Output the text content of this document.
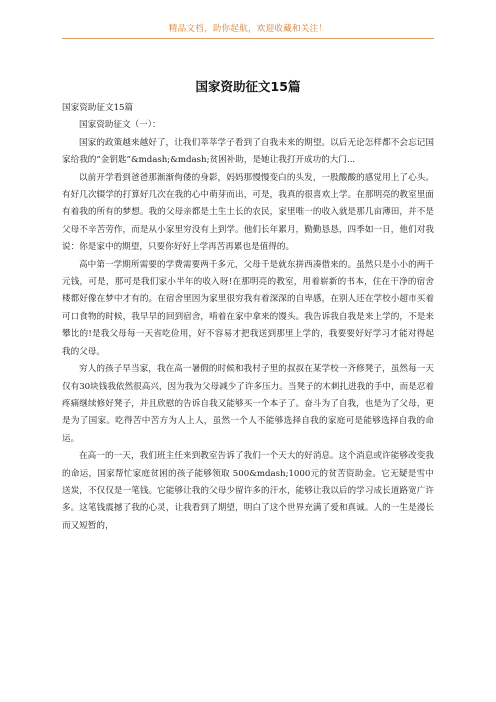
精品文档，助你起航，欢迎收藏和关注！
国家资助征文15篇

国家资助征文15篇

国家资助征文（一）：

国家的政策越来越好了，让我们莘莘学子看到了自我未来的期望。以后无论怎样都不会忘记国家给我的”金钥匙”&mdash;&mdash;贫困补助，是她让我打开成功的大门...

以前开学看到爸爸那渐渐佝偻的身影，妈妈那慢慢变白的头发，一股酸酸的感觉用上了心头。有好几次辍学的打算好几次在我的心中萌芽而出，可是，我真的很喜欢上学。在那明亮的教室里面有着我的所有的梦想。我的父母亲都是土生土长的农民，家里唯一的收入就是那几亩薄田，并不是父母不辛苦劳作，而是从小家里穷没有上到学。他们长年累月，勤勤恳恳，四季如一日，他们对我说：你是家中的期望，只要你好好上学再苦再累也是值得的。

高中第一学期所需要的学费需要两千多元，父母千是就东拼西凑借来的。虽然只是小小的两千元钱，可是，那可是我们家小半年的收入呀!在那明亮的教室，用着崭新的书本，住在干净的宿舍楼都好像在梦中才有的。在宿舍里因为家里很穷我有着深深的自卑感，在别人还在学校小超市买着可口食物的时候，我早早的回到宿舍，啃着在家中拿来的馒头。我告诉我自我是来上学的，不是来攀比的!是我父母每一天省吃俭用，好不容易才把我送到那里上学的，我要要好好学习才能对得起我的父母。

穷人的孩子早当家，我在高一暑假的时候和我村子里的叔叔在某学校一齐修凳子，虽然每一天仅有30块钱我依然很高兴，因为我为父母减少了许多压力。当凳子的木刺扎进我的手中，而是忍着疼痛继续修好凳子，并且欣慰的告诉自我又能够买一个本子了。奋斗为了自我，也是为了父母，更是为了国家。吃得苦中苦方为人上人，虽然一个人不能够选择自我的家庭可是能够选择自我的命运。

在高一的一天，我们班主任来到教室告诉了我们一个天大的好消息。这个消息或许能够改变我的命运，国家帮忙家庭贫困的孩子能够领取 500&mdash;1000元的贫苦资助金。它无疑是雪中送炭，不仅仅是一笔钱。它能够让我的父母少留许多的汗水，能够让我以后的学习成长道路宽广许多。这笔钱震撼了我的心灵，让我看到了期望，明白了这个世界充满了爱和真诚。人的一生是漫长而又短暂的，
